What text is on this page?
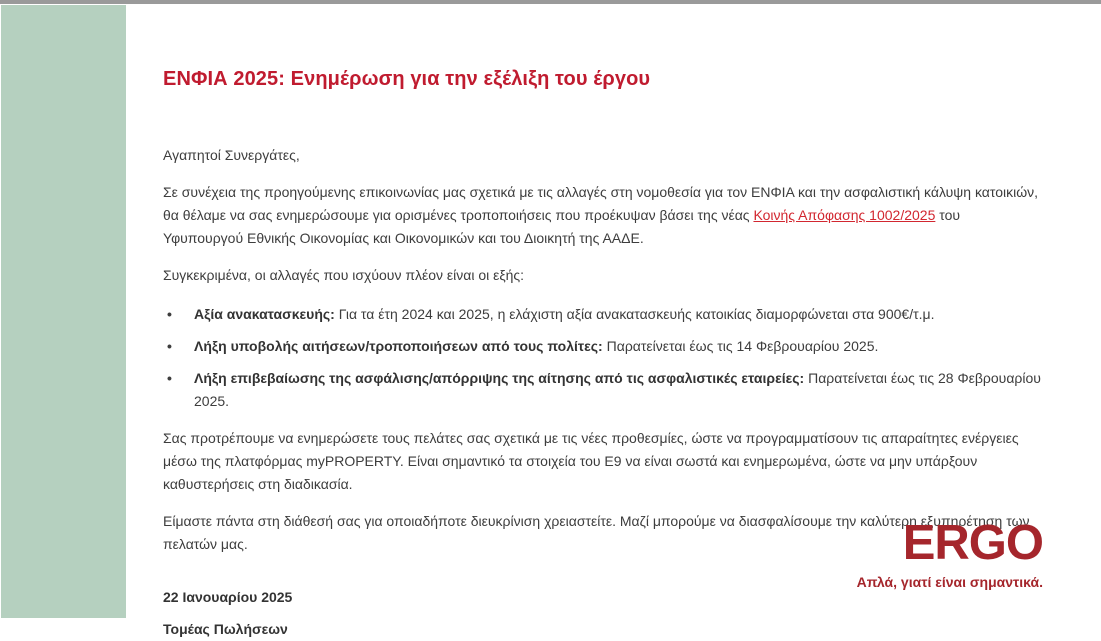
ΕΝΦΙΑ 2025: Ενημέρωση για την εξέλιξη του έργου

Αγαπητοί Συνεργάτες,

Σε συνέχεια της προηγούμενης επικοινωνίας μας σχετικά με τις αλλαγές στη νομοθεσία για τον ΕΝΦΙΑ και την ασφαλιστική κάλυψη κατοικιών, θα θέλαμε να σας ενημερώσουμε για ορισμένες τροποποιήσεις που προέκυψαν βάσει της νέας Κοινής Απόφασης 1002/2025 του Υφυπουργού Εθνικής Οικονομίας και Οικονομικών και του Διοικητή της ΑΑΔΕ.

Συγκεκριμένα, οι αλλαγές που ισχύουν πλέον είναι οι εξής:

• Αξία ανακατασκευής: Για τα έτη 2024 και 2025, η ελάχιστη αξία ανακατασκευής κατοικίας διαμορφώνεται στα 900€/τ.μ.
• Λήξη υποβολής αιτήσεων/τροποποιήσεων από τους πολίτες: Παρατείνεται έως τις 14 Φεβρουαρίου 2025.
• Λήξη επιβεβαίωσης της ασφάλισης/απόρριψης της αίτησης από τις ασφαλιστικές εταιρείες: Παρατείνεται έως τις 28 Φεβρουαρίου 2025.

Σας προτρέπουμε να ενημερώσετε τους πελάτες σας σχετικά με τις νέες προθεσμίες, ώστε να προγραμματίσουν τις απαραίτητες ενέργειες μέσω της πλατφόρμας myPROPERTY. Είναι σημαντικό τα στοιχεία του Ε9 να είναι σωστά και ενημερωμένα, ώστε να μην υπάρξουν καθυστερήσεις στη διαδικασία.

Είμαστε πάντα στη διάθεσή σας για οποιαδήποτε διευκρίνιση χρειαστείτε. Μαζί μπορούμε να διασφαλίσουμε την καλύτερη εξυπηρέτηση των πελατών μας.

22 Ιανουαρίου 2025

Τομέας Πωλήσεων

ERGO
Απλά, γιατί είναι σημαντικά.
